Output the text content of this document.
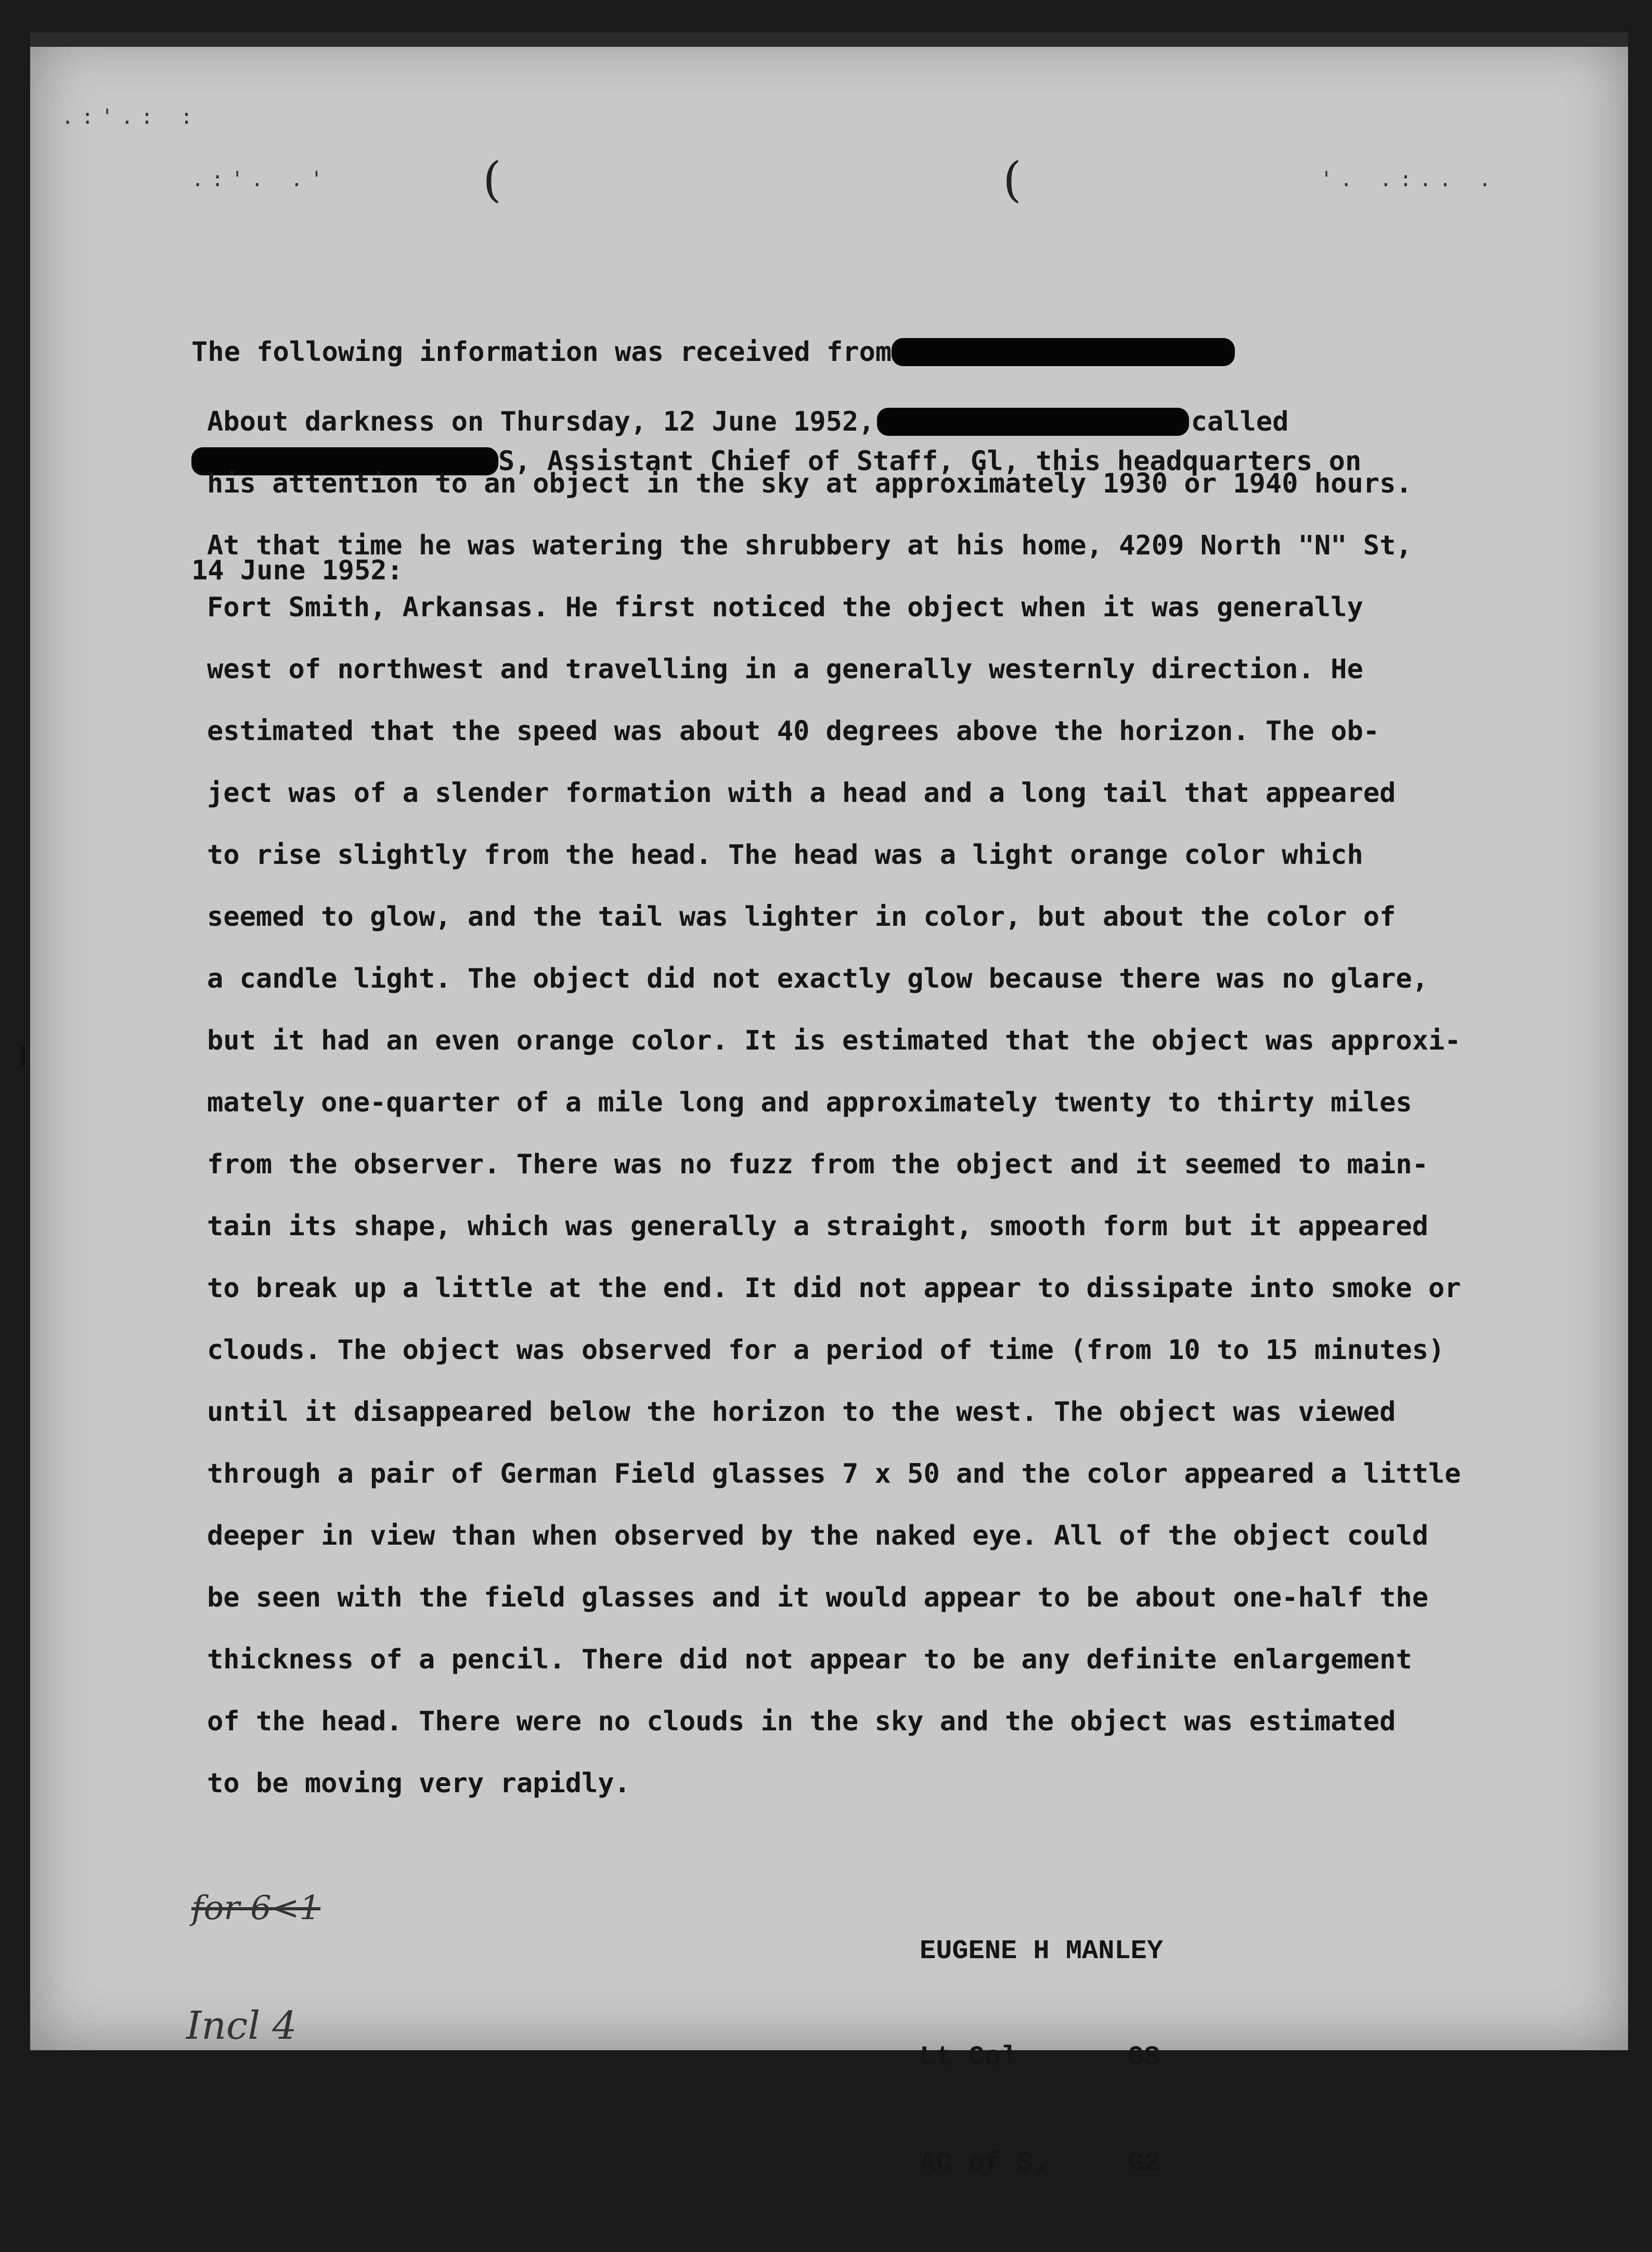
.:'.: :
.:'. .'	'. .:.. .
(	(

The following information was received from

S, Assistant Chief of Staff, Gl, this headquarters on

14 June 1952:

About darkness on Thursday, 12 June 1952,	called
his attention to an object in the sky at approximately 1930 or 1940 hours.
At that time he was watering the shrubbery at his home, 4209 North "N" St,
Fort Smith, Arkansas. He first noticed the object when it was generally
west of northwest and travelling in a generally westernly direction. He
estimated that the speed was about 40 degrees above the horizon. The ob-
ject was of a slender formation with a head and a long tail that appeared
to rise slightly from the head. The head was a light orange color which
seemed to glow, and the tail was lighter in color, but about the color of
a candle light. The object did not exactly glow because there was no glare,
but it had an even orange color. It is estimated that the object was approxi-
mately one-quarter of a mile long and approximately twenty to thirty miles
from the observer. There was no fuzz from the object and it seemed to main-
tain its shape, which was generally a straight, smooth form but it appeared
to break up a little at the end. It did not appear to dissipate into smoke or
clouds. The object was observed for a period of time (from 10 to 15 minutes)
until it disappeared below the horizon to the west. The object was viewed
through a pair of German Field glasses 7 x 50 and the color appeared a little
deeper in view than when observed by the naked eye. All of the object could
be seen with the field glasses and it would appear to be about one-half the
thickness of a pencil. There did not appear to be any definite enlargement
of the head. There were no clouds in the sky and the object was estimated
to be moving very rapidly.

EUGENE H MANLEY

Lt Col	GS

AC of S,	G2

for 6<1
Incl 4
